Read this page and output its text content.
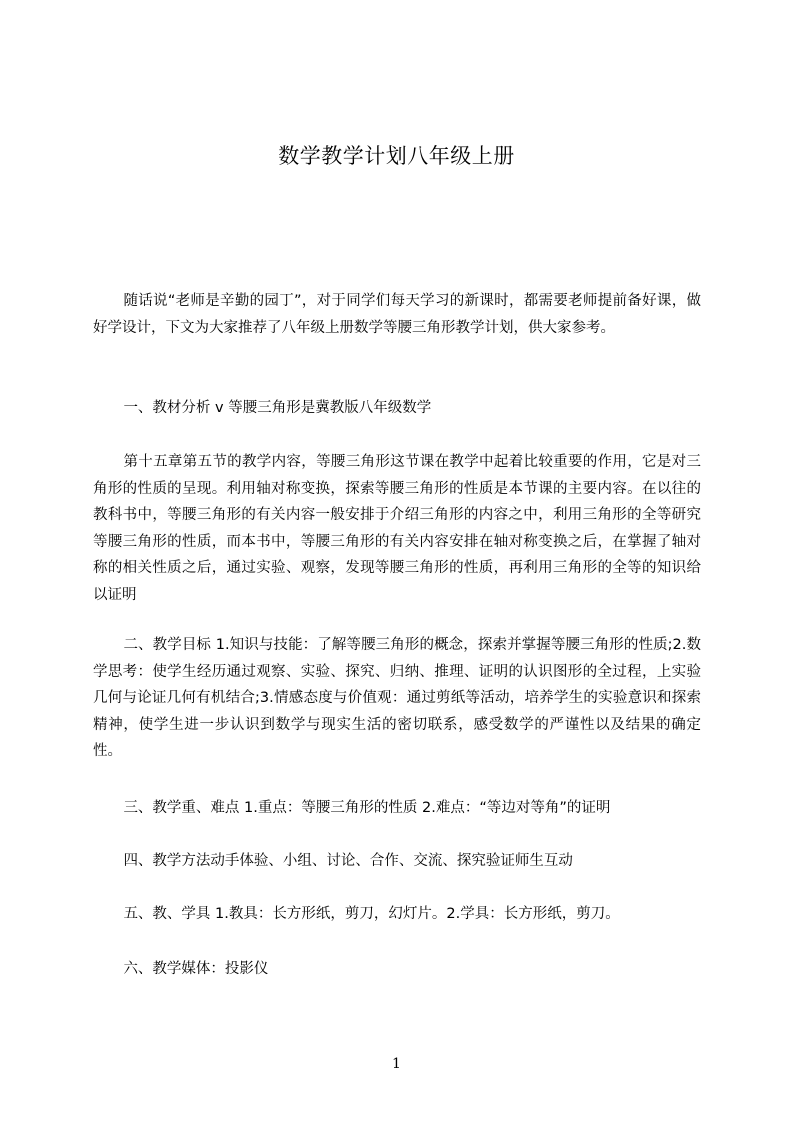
数学教学计划八年级上册

随话说“老师是辛勤的园丁”，对于同学们每天学习的新课时，都需要老师提前备好课，做好学设计，下文为大家推荐了八年级上册数学等腰三角形教学计划，供大家参考。

一、教材分析 v 等腰三角形是冀教版八年级数学

第十五章第五节的教学内容，等腰三角形这节课在教学中起着比较重要的作用，它是对三角形的性质的呈现。利用轴对称变换，探索等腰三角形的性质是本节课的主要内容。在以往的教科书中，等腰三角形的有关内容一般安排于介绍三角形的内容之中，利用三角形的全等研究等腰三角形的性质，而本书中，等腰三角形的有关内容安排在轴对称变换之后，在掌握了轴对称的相关性质之后，通过实验、观察，发现等腰三角形的性质，再利用三角形的全等的知识给以证明

二、教学目标 1.知识与技能：了解等腰三角形的概念，探索并掌握等腰三角形的性质;2.数学思考：使学生经历通过观察、实验、探究、归纳、推理、证明的认识图形的全过程，上实验几何与论证几何有机结合;3.情感态度与价值观：通过剪纸等活动，培养学生的实验意识和探索精神，使学生进一步认识到数学与现实生活的密切联系，感受数学的严谨性以及结果的确定性。

三、教学重、难点 1.重点：等腰三角形的性质 2.难点：“等边对等角”的证明

四、教学方法动手体验、小组、讨论、合作、交流、探究验证师生互动

五、教、学具 1.教具：长方形纸，剪刀，幻灯片。2.学具：长方形纸，剪刀。

六、教学媒体：投影仪

1
